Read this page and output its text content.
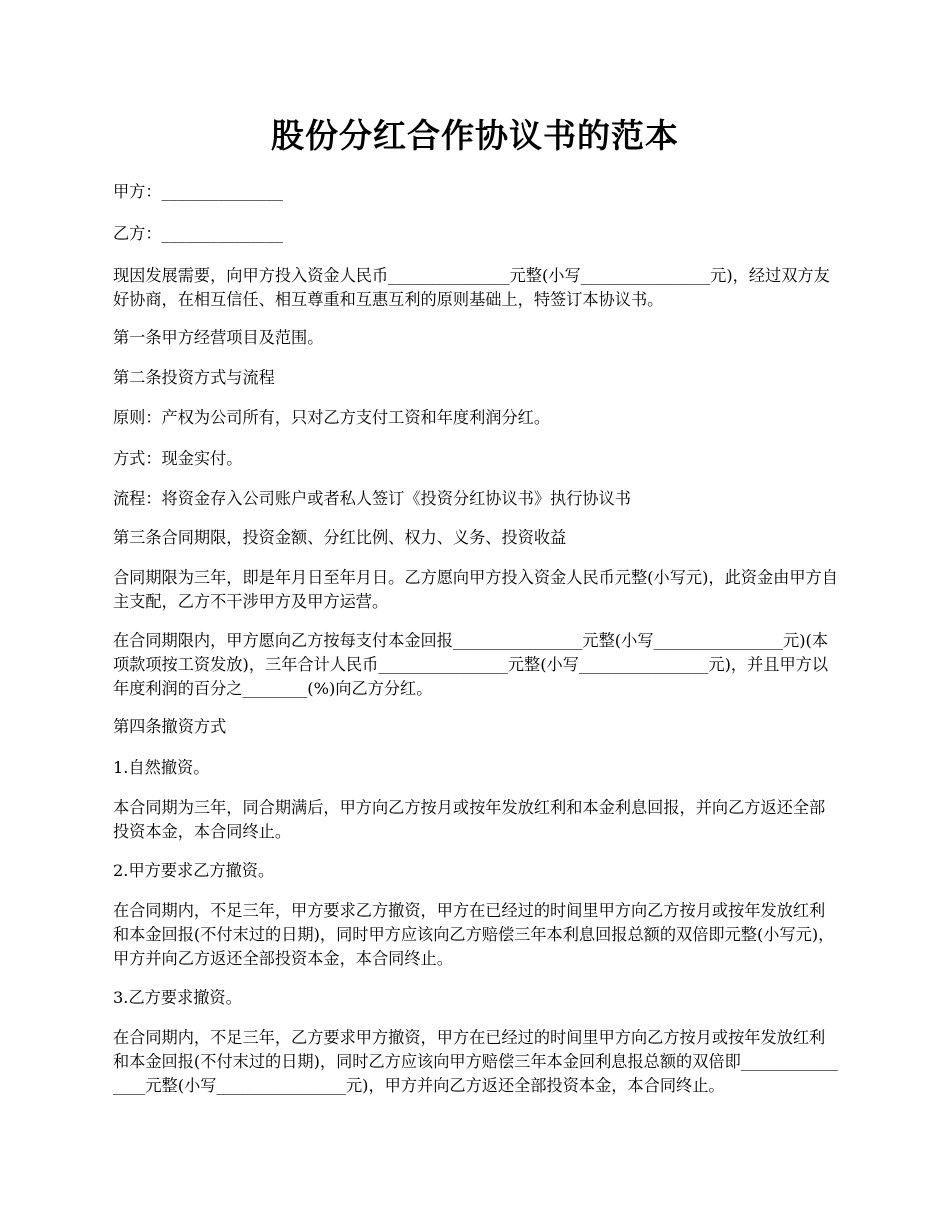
股份分红合作协议书的范本

甲方：_______________

乙方：_______________

现因发展需要，向甲方投入资金人民币_______________元整(小写________________元)，经过双方友好协商，在相互信任、相互尊重和互惠互利的原则基础上，特签订本协议书。

第一条甲方经营项目及范围。

第二条投资方式与流程

原则：产权为公司所有，只对乙方支付工资和年度利润分红。

方式：现金实付。

流程：将资金存入公司账户或者私人签订《投资分红协议书》执行协议书

第三条合同期限，投资金额、分红比例、权力、义务、投资收益

合同期限为三年，即是年月日至年月日。乙方愿向甲方投入资金人民币元整(小写元)，此资金由甲方自主支配，乙方不干涉甲方及甲方运营。

在合同期限内，甲方愿向乙方按每支付本金回报________________元整(小写________________元)(本项款项按工资发放)，三年合计人民币________________元整(小写________________元)，并且甲方以年度利润的百分之________(%)向乙方分红。

第四条撤资方式

1.自然撤资。

本合同期为三年，同合期满后，甲方向乙方按月或按年发放红利和本金利息回报，并向乙方返还全部投资本金，本合同终止。

2.甲方要求乙方撤资。

在合同期内，不足三年，甲方要求乙方撤资，甲方在已经过的时间里甲方向乙方按月或按年发放红利和本金回报(不付末过的日期)，同时甲方应该向乙方赔偿三年本利息回报总额的双倍即元整(小写元)，甲方并向乙方返还全部投资本金，本合同终止。

3.乙方要求撤资。

在合同期内，不足三年，乙方要求甲方撤资，甲方在已经过的时间里甲方向乙方按月或按年发放红利和本金回报(不付末过的日期)，同时乙方应该向甲方赔偿三年本金回利息报总额的双倍即________________元整(小写________________元)，甲方并向乙方返还全部投资本金，本合同终止。
